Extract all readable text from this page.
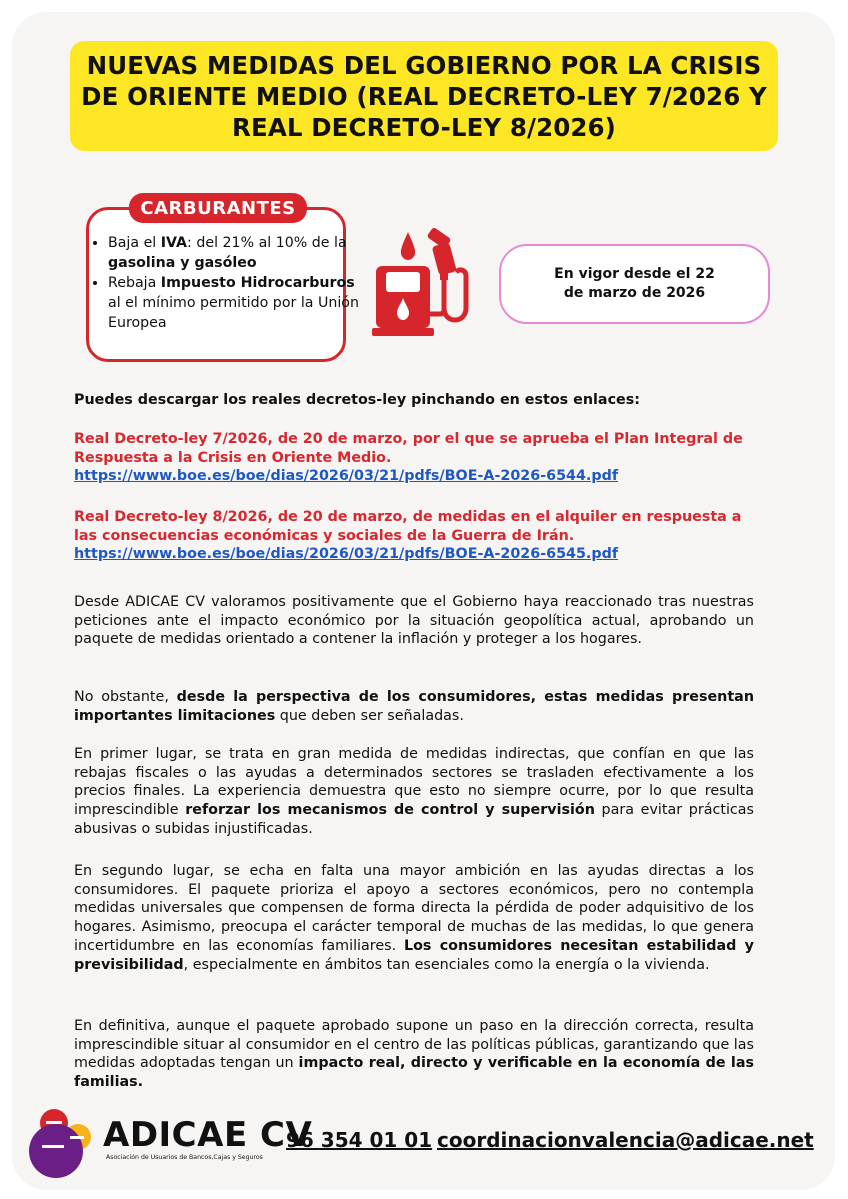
NUEVAS MEDIDAS DEL GOBIERNO POR LA CRISIS DE ORIENTE MEDIO (REAL DECRETO-LEY 7/2026 Y REAL DECRETO-LEY 8/2026)
CARBURANTES
• Baja el IVA: del 21% al 10% de la gasolina y gasóleo
• Rebaja Impuesto Hidrocarburos al el mínimo permitido por la Unión Europea
En vigor desde el 22 de marzo de 2026
Puedes descargar los reales decretos-ley pinchando en estos enlaces:
Real Decreto-ley 7/2026, de 20 de marzo, por el que se aprueba el Plan Integral de Respuesta a la Crisis en Oriente Medio.
https://www.boe.es/boe/dias/2026/03/21/pdfs/BOE-A-2026-6544.pdf
Real Decreto-ley 8/2026, de 20 de marzo, de medidas en el alquiler en respuesta a las consecuencias económicas y sociales de la Guerra de Irán.
https://www.boe.es/boe/dias/2026/03/21/pdfs/BOE-A-2026-6545.pdf
Desde ADICAE CV valoramos positivamente que el Gobierno haya reaccionado tras nuestras peticiones ante el impacto económico por la situación geopolítica actual, aprobando un paquete de medidas orientado a contener la inflación y proteger a los hogares.
No obstante, desde la perspectiva de los consumidores, estas medidas presentan importantes limitaciones que deben ser señaladas.
En primer lugar, se trata en gran medida de medidas indirectas, que confían en que las rebajas fiscales o las ayudas a determinados sectores se trasladen efectivamente a los precios finales. La experiencia demuestra que esto no siempre ocurre, por lo que resulta imprescindible reforzar los mecanismos de control y supervisión para evitar prácticas abusivas o subidas injustificadas.
En segundo lugar, se echa en falta una mayor ambición en las ayudas directas a los consumidores. El paquete prioriza el apoyo a sectores económicos, pero no contempla medidas universales que compensen de forma directa la pérdida de poder adquisitivo de los hogares. Asimismo, preocupa el carácter temporal de muchas de las medidas, lo que genera incertidumbre en las economías familiares. Los consumidores necesitan estabilidad y previsibilidad, especialmente en ámbitos tan esenciales como la energía o la vivienda.
En definitiva, aunque el paquete aprobado supone un paso en la dirección correcta, resulta imprescindible situar al consumidor en el centro de las políticas públicas, garantizando que las medidas adoptadas tengan un impacto real, directo y verificable en la economía de las familias.
ADICAE CV
Asociación de Usuarios de Bancos,Cajas y Seguros
96 354 01 01 coordinacionvalencia@adicae.net
